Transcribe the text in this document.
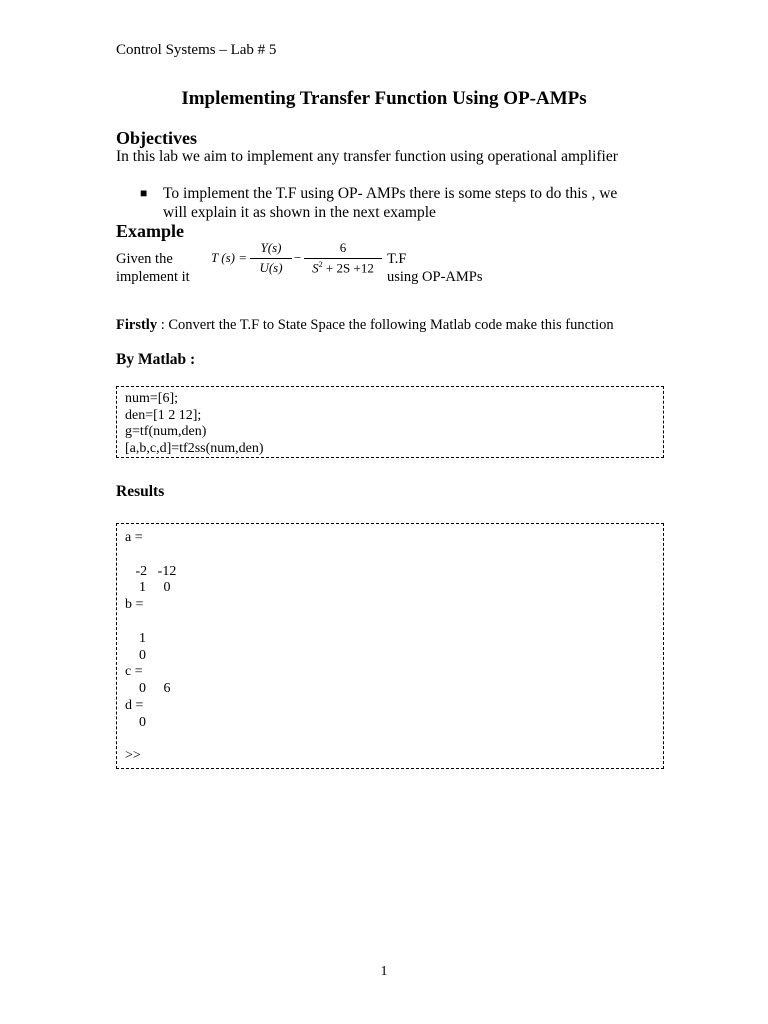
Control Systems – Lab # 5
Implementing Transfer Function Using OP-AMPs
Objectives
In this lab we aim to implement any transfer function using operational amplifier
■ To implement the T.F using OP- AMPs there is some steps to do this , we
will explain it as shown in the next example
Example
Given the
implement it
T (s) =
Y(s)
U(s)
−
6
$S^2 + 2S +12$
T.F
using OP-AMPs
Firstly : Convert the T.F to State Space the following Matlab code make this function
By Matlab :
num=[6];
den=[1 2 12];
g=tf(num,den)
[a,b,c,d]=tf2ss(num,den)
Results
a =
-2   -12
1     0
b =
1
0
c =
0     6
d =
0
>>
1
